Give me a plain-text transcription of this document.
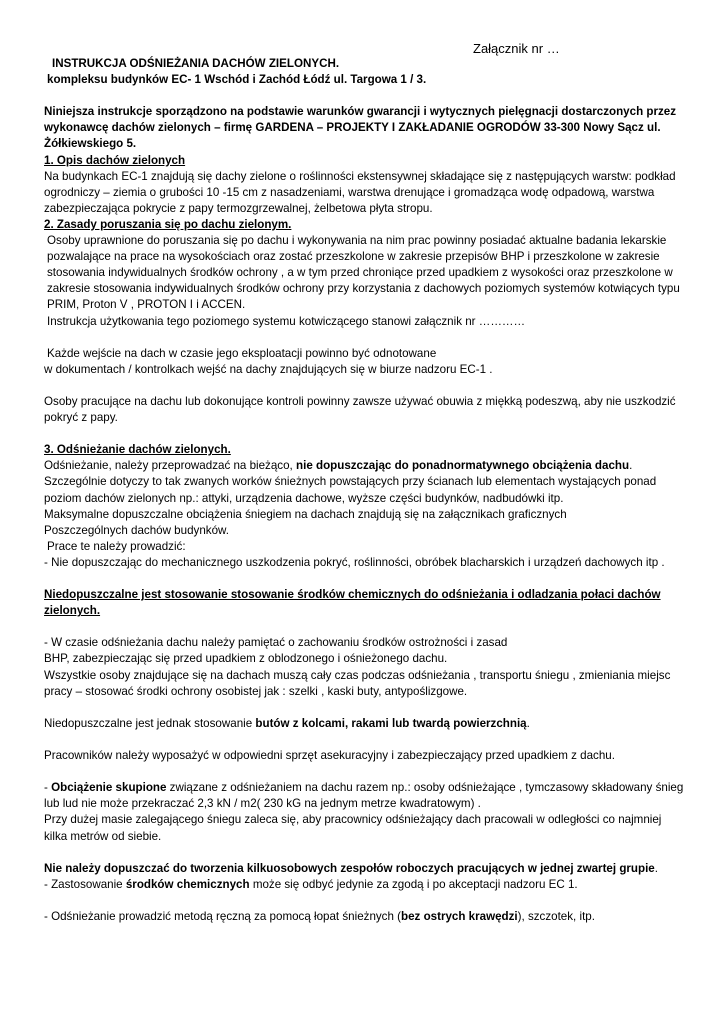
Załącznik nr …

INSTRUKCJA ODŚNIEŻANIA DACHÓW ZIELONYCH.

kompleksu budynków EC- 1 Wschód i Zachód Łódź ul. Targowa 1 / 3.

Niniejsza instrukcje sporządzono na podstawie warunków gwarancji i wytycznych pielęgnacji dostarczonych przez wykonawcę dachów zielonych – firmę GARDENA – PROJEKTY I ZAKŁADANIE OGRODÓW 33-300 Nowy Sącz ul. Żółkiewskiego 5.

1. Opis dachów zielonych

Na budynkach EC-1 znajdują się dachy zielone o roślinności ekstensywnej składające się z następujących warstw: podkład ogrodniczy – ziemia o grubości 10 -15 cm z nasadzeniami, warstwa drenujące i gromadząca wodę odpadową, warstwa zabezpieczająca pokrycie z papy termozgrzewalnej, żelbetowa płyta stropu.

2. Zasady poruszania się po dachu zielonym.

Osoby uprawnione do poruszania się po dachu i wykonywania na nim prac powinny posiadać aktualne badania lekarskie pozwalające na prace na wysokościach oraz zostać przeszkolone w zakresie przepisów BHP i przeszkolone w zakresie stosowania indywidualnych środków ochrony , a w tym przed chroniące przed upadkiem z wysokości oraz przeszkolone w zakresie stosowania indywidualnych środków ochrony przy korzystania z dachowych poziomych systemów kotwiących typu PRIM, Proton V , PROTON I i ACCEN.

Instrukcja użytkowania tego poziomego systemu kotwiczącego stanowi załącznik nr …………

Każde wejście na dach w czasie jego eksploatacji powinno być odnotowane

w dokumentach / kontrolkach wejść na dachy znajdujących się w biurze nadzoru EC-1 .

Osoby pracujące na dachu lub dokonujące kontroli powinny zawsze używać obuwia z miękką podeszwą, aby nie uszkodzić pokryć z papy.

3. Odśnieżanie dachów zielonych.

Odśnieżanie, należy przeprowadzać na bieżąco, nie dopuszczając do ponadnormatywnego obciążenia dachu. Szczególnie dotyczy to tak zwanych worków śnieżnych powstających przy ścianach lub elementach wystających ponad poziom dachów zielonych np.: attyki, urządzenia dachowe, wyższe części budynków, nadbudówki itp.

Maksymalne dopuszczalne obciążenia śniegiem na dachach znajdują się na załącznikach graficznych

Poszczególnych dachów budynków.

Prace te należy prowadzić:

- Nie dopuszczając do mechanicznego uszkodzenia pokryć, roślinności, obróbek blacharskich i urządzeń dachowych itp .

Niedopuszczalne jest stosowanie stosowanie środków chemicznych do odśnieżania i odladzania połaci dachów zielonych.

- W czasie odśnieżania dachu należy pamiętać o zachowaniu środków ostrożności i zasad

BHP, zabezpieczając się przed upadkiem z oblodzonego i ośnieżonego dachu.

Wszystkie osoby znajdujące się na dachach muszą cały czas podczas odśnieżania , transportu śniegu , zmieniania miejsc pracy – stosować środki ochrony osobistej jak : szelki , kaski buty, antypoślizgowe.

Niedopuszczalne jest jednak stosowanie butów z kolcami, rakami lub twardą powierzchnią.

Pracowników należy wyposażyć w odpowiedni sprzęt asekuracyjny i zabezpieczający przed upadkiem z dachu.

- Obciążenie skupione związane z odśnieżaniem na dachu razem np.: osoby odśnieżające , tymczasowy składowany śnieg lub lud nie może przekraczać 2,3 kN / m2( 230 kG na jednym metrze kwadratowym) .

Przy dużej masie zalegającego śniegu zaleca się, aby pracownicy odśnieżający dach pracowali w odległości co najmniej kilka metrów od siebie.

Nie należy dopuszczać do tworzenia kilkuosobowych zespołów roboczych pracujących w jednej zwartej grupie.

- Zastosowanie środków chemicznych może się odbyć jedynie za zgodą i po akceptacji nadzoru EC 1.

- Odśnieżanie prowadzić metodą ręczną za pomocą łopat śnieżnych (bez ostrych krawędzi), szczotek, itp.
